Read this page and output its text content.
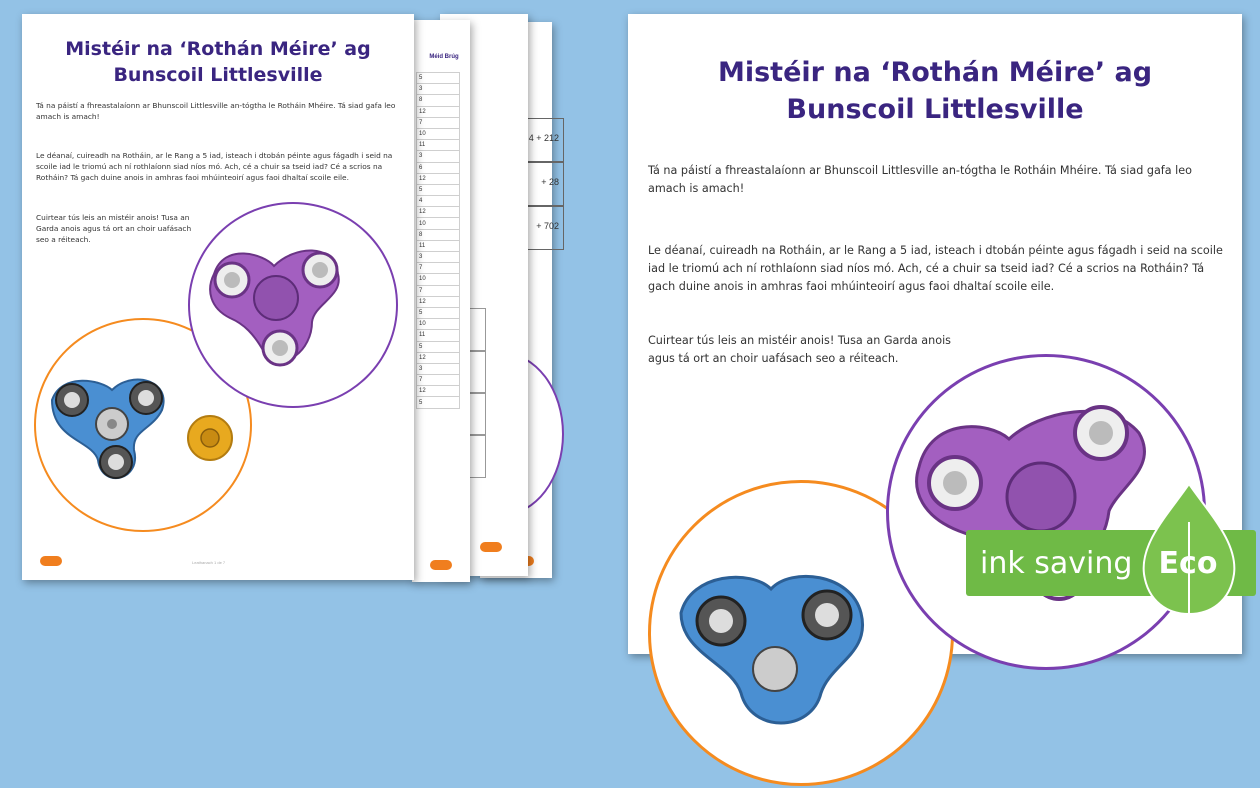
4 + 212
+ 28
+ 702

Méid Brúg
5
3
8
12
7
10
11
3
6
12
5
4
12
10
8
11
3
7
10
7
12
5
10
11
5
12
3
7
12
5
Mistéir na ‘Rothán Méire’ ag
Bunscoil Littlesville
Tá na páistí a fhreastalaíonn ar Bhunscoil Littlesville an-tógtha le Rotháin Mhéire. Tá siad gafa leo amach is amach!
Le déanaí, cuireadh na Rotháin, ar le Rang a 5 iad, isteach i dtobán péinte agus fágadh i seid na scoile iad le triomú ach ní rothlaíonn siad níos mó. Ach, cé a chuir sa tseid iad? Cé a scrios na Rotháin? Tá gach duine anois in amhras faoi mhúinteoirí agus faoi dhaltaí scoile eile.
Cuirtear tús leis an mistéir anois! Tusa an Garda anois agus tá ort an choir uafásach seo a réiteach.
Leathanach 1 de 7
Mistéir na ‘Rothán Méire’ ag
Bunscoil Littlesville
Tá na páistí a fhreastalaíonn ar Bhunscoil Littlesville an-tógtha le Rotháin Mhéire. Tá siad gafa leo amach is amach!
Le déanaí, cuireadh na Rotháin, ar le Rang a 5 iad, isteach i dtobán péinte agus fágadh i seid na scoile iad le triomú ach ní rothlaíonn siad níos mó. Ach, cé a chuir sa tseid iad? Cé a scrios na Rotháin? Tá gach duine anois in amhras faoi mhúinteoirí agus faoi dhaltaí scoile eile.
Cuirtear tús leis an mistéir anois! Tusa an Garda anois agus tá ort an choir uafásach seo a réiteach.
ink saving Eco
